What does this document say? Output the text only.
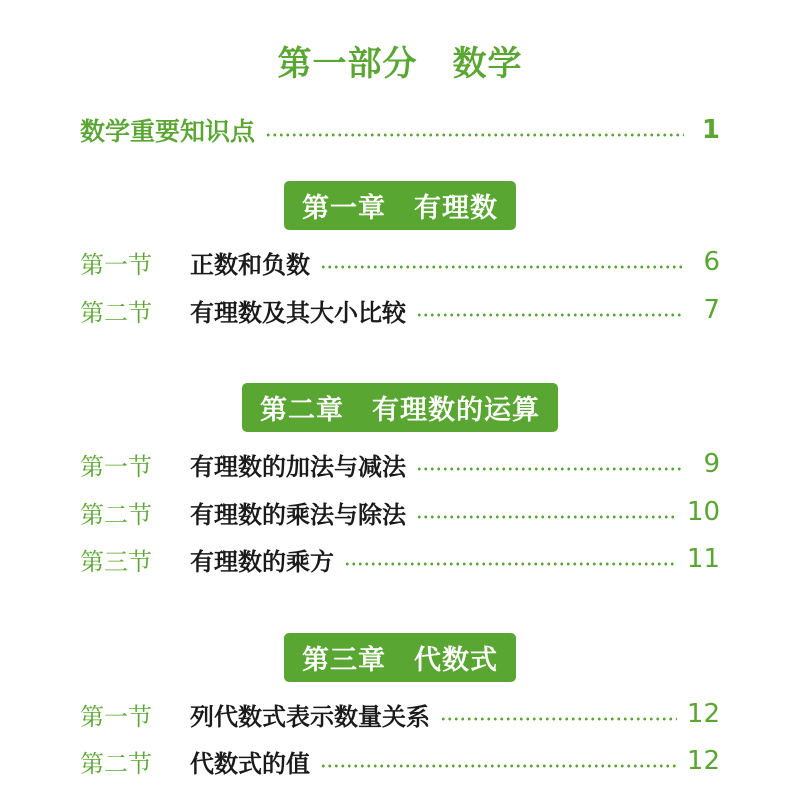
第一部分　数学
数学重要知识点	1
第一章　有理数
第一节	正数和负数	6
第二节	有理数及其大小比较	7
第二章　有理数的运算
第一节	有理数的加法与减法	9
第二节	有理数的乘法与除法	10
第三节	有理数的乘方	11
第三章　代数式
第一节	列代数式表示数量关系	12
第二节	代数式的值	12
